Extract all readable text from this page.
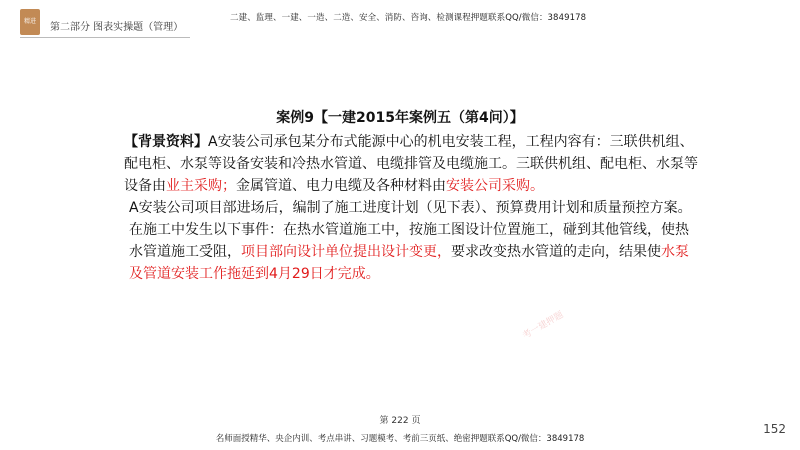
精进
第二部分 图表实操题（管理）
二建、监理、一建、一造、二造、安全、消防、咨询、检测课程押题联系QQ/微信：3849178
案例9【一建2015年案例五（第4问）】

【背景资料】A安装公司承包某分布式能源中心的机电安装工程，工程内容有：三联供机组、配电柜、水泵等设备安装和冷热水管道、电缆排管及电缆施工。三联供机组、配电柜、水泵等设备由业主采购；金属管道、电力电缆及各种材料由安装公司采购。

A安装公司项目部进场后，编制了施工进度计划（见下表）、预算费用计划和质量预控方案。在施工中发生以下事件：在热水管道施工中，按施工图设计位置施工，碰到其他管线，使热水管道施工受阻，项目部向设计单位提出设计变更，要求改变热水管道的走向，结果使水泵及管道安装工作拖延到4月29日才完成。

考一建押题
第 222 页
名师面授精华、央企内训、考点串讲、习题模考、考前三页纸、绝密押题联系QQ/微信：3849178
152
